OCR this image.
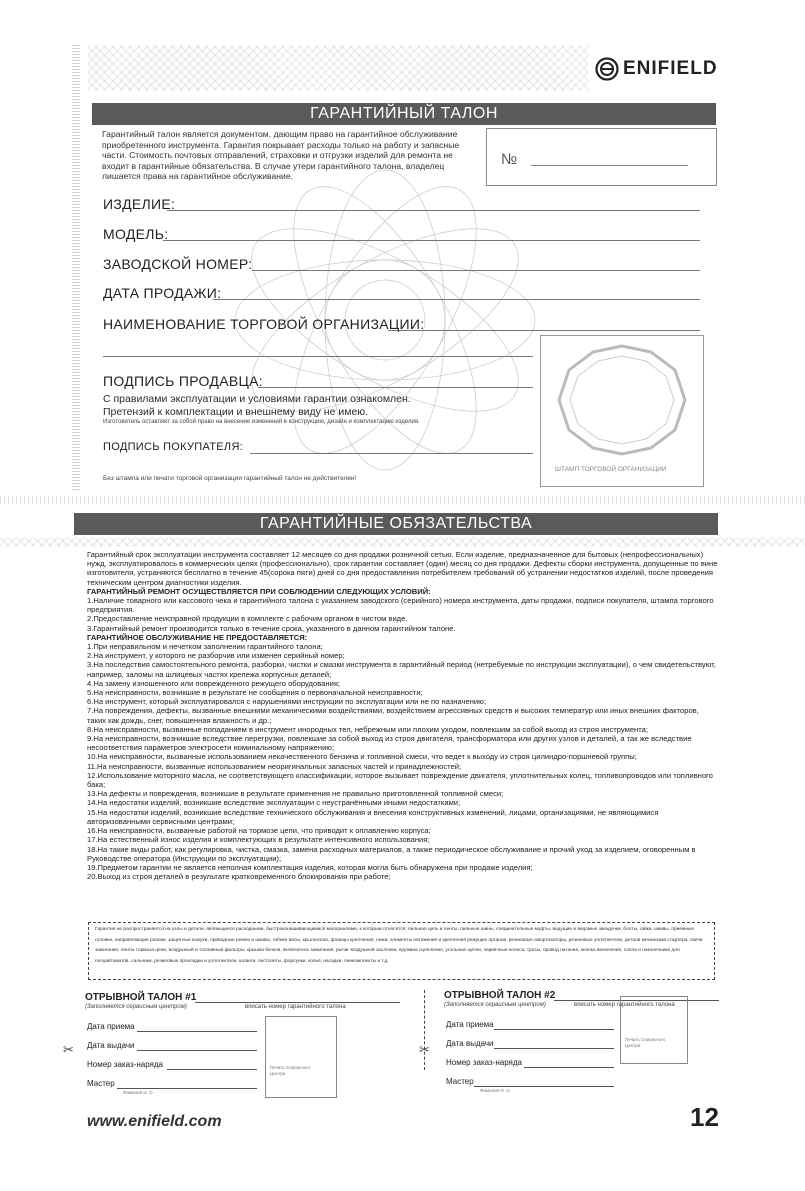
ENIFIELD
ГАРАНТИЙНЫЙ ТАЛОН
Гарантийный талон является документом, дающим право на гарантийное обслуживание приобретенного инструмента. Гарантия покрывает расходы только на работу и запасные части. Стоимость почтовых отправлений, страховки и отгрузки изделий для ремонта не входит в гарантийные обязательства. В случае утери гарантийного талона, владелец лишается права на гарантийное обслуживание.
№
ИЗДЕЛИЕ:
МОДЕЛЬ:
ЗАВОДСКОЙ НОМЕР:
ДАТА ПРОДАЖИ:
НАИМЕНОВАНИЕ ТОРГОВОЙ ОРГАНИЗАЦИИ:
ШТАМП ТОРГОВОЙ ОРГАНИЗАЦИИ
ПОДПИСЬ ПРОДАВЦА:
С правилами эксплуатации и условиями гарантии ознакомлен.
Претензий к комплектации и внешнему виду не имею.
Изготовитель оставляет за собой право на внесение изменений в конструкцию, дизайн и комплектацию изделия.
ПОДПИСЬ ПОКУПАТЕЛЯ:
Без штампа или печати торговой организации гарантийный талон не действителен!
ГАРАНТИЙНЫЕ ОБЯЗАТЕЛЬСТВА
Гарантийный срок эксплуатации инструмента составляет 12 месяцев со дня продажи розничной сетью. Если изделие, предназначенное для бытовых (непрофессиональных) нужд, эксплуатировалось в коммерческих целях (профессионально), срок гарантии составляет (один) месяц со дня продажи. Дефекты сборки инструмента, допущенные по вине изготовителя, устраняются бесплатно в течение 45(сорока пяти) дней со дня предоставления потребителем требований об устранении недостатков изделий, после проведения техническим центром диагностики изделия.
ГАРАНТИЙНЫЙ РЕМОНТ ОСУЩЕСТВЛЯЕТСЯ ПРИ СОБЛЮДЕНИИ СЛЕДУЮЩИХ УСЛОВИЙ:
1.Наличие товарного или кассового чека и гарантийного талона с указанием заводского (серийного) номера инструмента, даты продажи, подписи покупателя, штампа торгового предприятия.
2.Предоставление неисправной продукции в комплекте с рабочим органом в чистом виде.
3.Гарантийный ремонт производится только в течение срока, указанного в данном гарантийном талоне.
ГАРАНТИЙНОЕ ОБСЛУЖИВАНИЕ НЕ ПРЕДОСТАВЛЯЕТСЯ:
1.При неправильном и нечетком заполнении гарантийного талона;
2.На инструмент, у которого не разборчив или изменен серийный номер;
3.На последствия самостоятельного ремонта, разборки, чистки и смазки инструмента в гарантийный период (нетребуемые по инструкции эксплуатации), о чем свидетельствуют, например, заломы на шлицевых частях крепежа корпусных деталей;
4.На замену изношенного или поврежденного режущего оборудования;
5.На неисправности, возникшие в результате не сообщения о первоначальной неисправности;
6.На инструмент, который эксплуатировался с нарушениями инструкции по эксплуатации или не по назначению;
7.На повреждения, дефекты, вызванные внешними механическими воздействиями, воздействием агрессивных средств и высоких температур или иных внешних факторов, таких как дождь, снег, повышенная влажность и др.;
8.На неисправности, вызванные попаданием в инструмент инородных тел, небрежным или плохим уходом, повлекшим за собой выход из строя инструмента;
9.На неисправности, возникшие вследствие перегрузки, повлекшие за собой выход из строя двигателя, трансформатора или других узлов и деталей, а так же вследствие несоответствия параметров электросети номинальному напряжению;
10.На неисправности, вызванные использованием некачественного бензина и топливной смеси, что ведет к выходу из строя цилиндро-поршневой группы;
11.На неисправности, вызванные использованием неоригинальных запасных частей и принадлежностей;
12.Использование моторного масла, не соответствующего классификации, которое вызывает повреждение двигателя, уплотнительных колец, топливопроводов или топливного бака;
13.На дефекты и повреждения, возникшие в результате применения не правильно приготовленной топливной смеси;
14.На недостатки изделий, возникшие вследствие эксплуатации с неустранёнными иными недостатками;
15.На недостатки изделий, возникшие вследствие технического обслуживания и внесения конструктивных изменений, лицами, организациями, не являющимися авторизованными сервисными центрами;
16.На неисправности, вызванные работой на тормозе цепи, что приводит к оплавлению корпуса;
17.На естественный износ изделия и комплектующих в результате интенсивного использования;
18.На такие виды работ, как регулировка, чистка, смазка, замена расходных материалов, а также периодическое обслуживание и прочий уход за изделием, оговоренным в Руководстве оператора (Инструкции по эксплуатации);
19.Предметом гарантии не является неполная комплектация изделия, которая могла быть обнаружена при продаже изделия;
20.Выход из строя деталей в результате кратковременного блокирования при работе;
Гарантия не распространяется на узлы и детали, являющиеся расходными, быстроизнашивающимися материалами, к которым относятся: пильная цепь и ленты, пильные шины, соединительные муфты, ведущие и ведомые звездочки, болты, гайки, шкивы, приемные головки, направляющие ролики, защитные кожухи, приводные ремни и шкивы, гибкие валы, крыльчатки, фланцы крепления, ножи, элементы натяжения и крепления режущих органов, резиновые амортизаторы, резиновые уплотнители, детали механизма стартера, свечи зажигания, ленты тормоза цепи, воздушный и топливный фильтры, крышки бачков, включатель зажигания, рычаг воздушной заслонки, пружина сцепления, угольные щетки, червячные колеса, тросы, провод питания, кнопка включения, сопла и наконечники для полуавтоматов, сальники, резиновые прокладки и уплотнители, шланги, пистолеты, форсунки, копья, насадки, ленкомплекты и т.д.
ОТРЫВНОЙ ТАЛОН #1
(Заполняется сервисным центром)	вписать номер гарантийного талона
Дата приема
Дата выдачи
Номер заказ-наряда
Мастер
Фамилия И. О.
Печать Сервисного Центра
✂
ОТРЫВНОЙ ТАЛОН #2
(Заполняется сервисным центром)	вписать номер гарантийного талона
Дата приема
Дата выдачи
Номер заказ-наряда
Мастер
Фамилия И. О.
Печать Сервисного Центра
✂
www.enifield.com	12
